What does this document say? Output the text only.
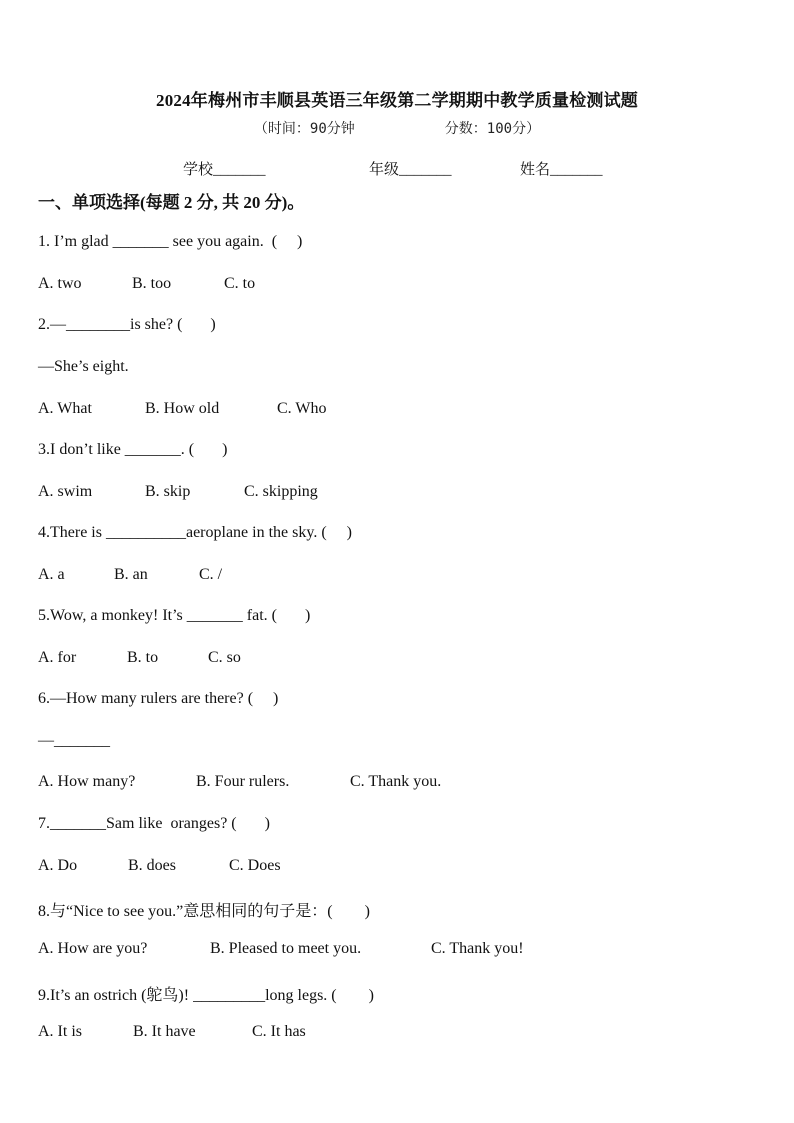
2024年梅州市丰顺县英语三年级第二学期期中教学质量检测试题
（时间：90分钟	分数：100分）
学校_______	年级_______	姓名_______
一、单项选择(每题 2 分, 共 20 分)。
1. I’m glad _______ see you again.  (     )
A. two	B. too	C. to
2.—________is she? (       )
—She’s eight.
A. What	B. How old	C. Who
3.I don’t like _______. (       )
A. swim	B. skip	C. skipping
4.There is __________aeroplane in the sky. (     )
A. a	B. an	C. /
5.Wow, a monkey! It’s _______ fat. (       )
A. for	B. to	C. so
6.—How many rulers are there? (     )
—_______
A. How many?	B. Four rulers.	C. Thank you.
7._______Sam like  oranges? (       )
A. Do	B. does	C. Does
8.与“Nice to see you.”意思相同的句子是：(        )
A. How are you?	B. Pleased to meet you.	C. Thank you!
9.It’s an ostrich (鸵鸟)! _________long legs. (        )
A. It is	B. It have	C. It has
